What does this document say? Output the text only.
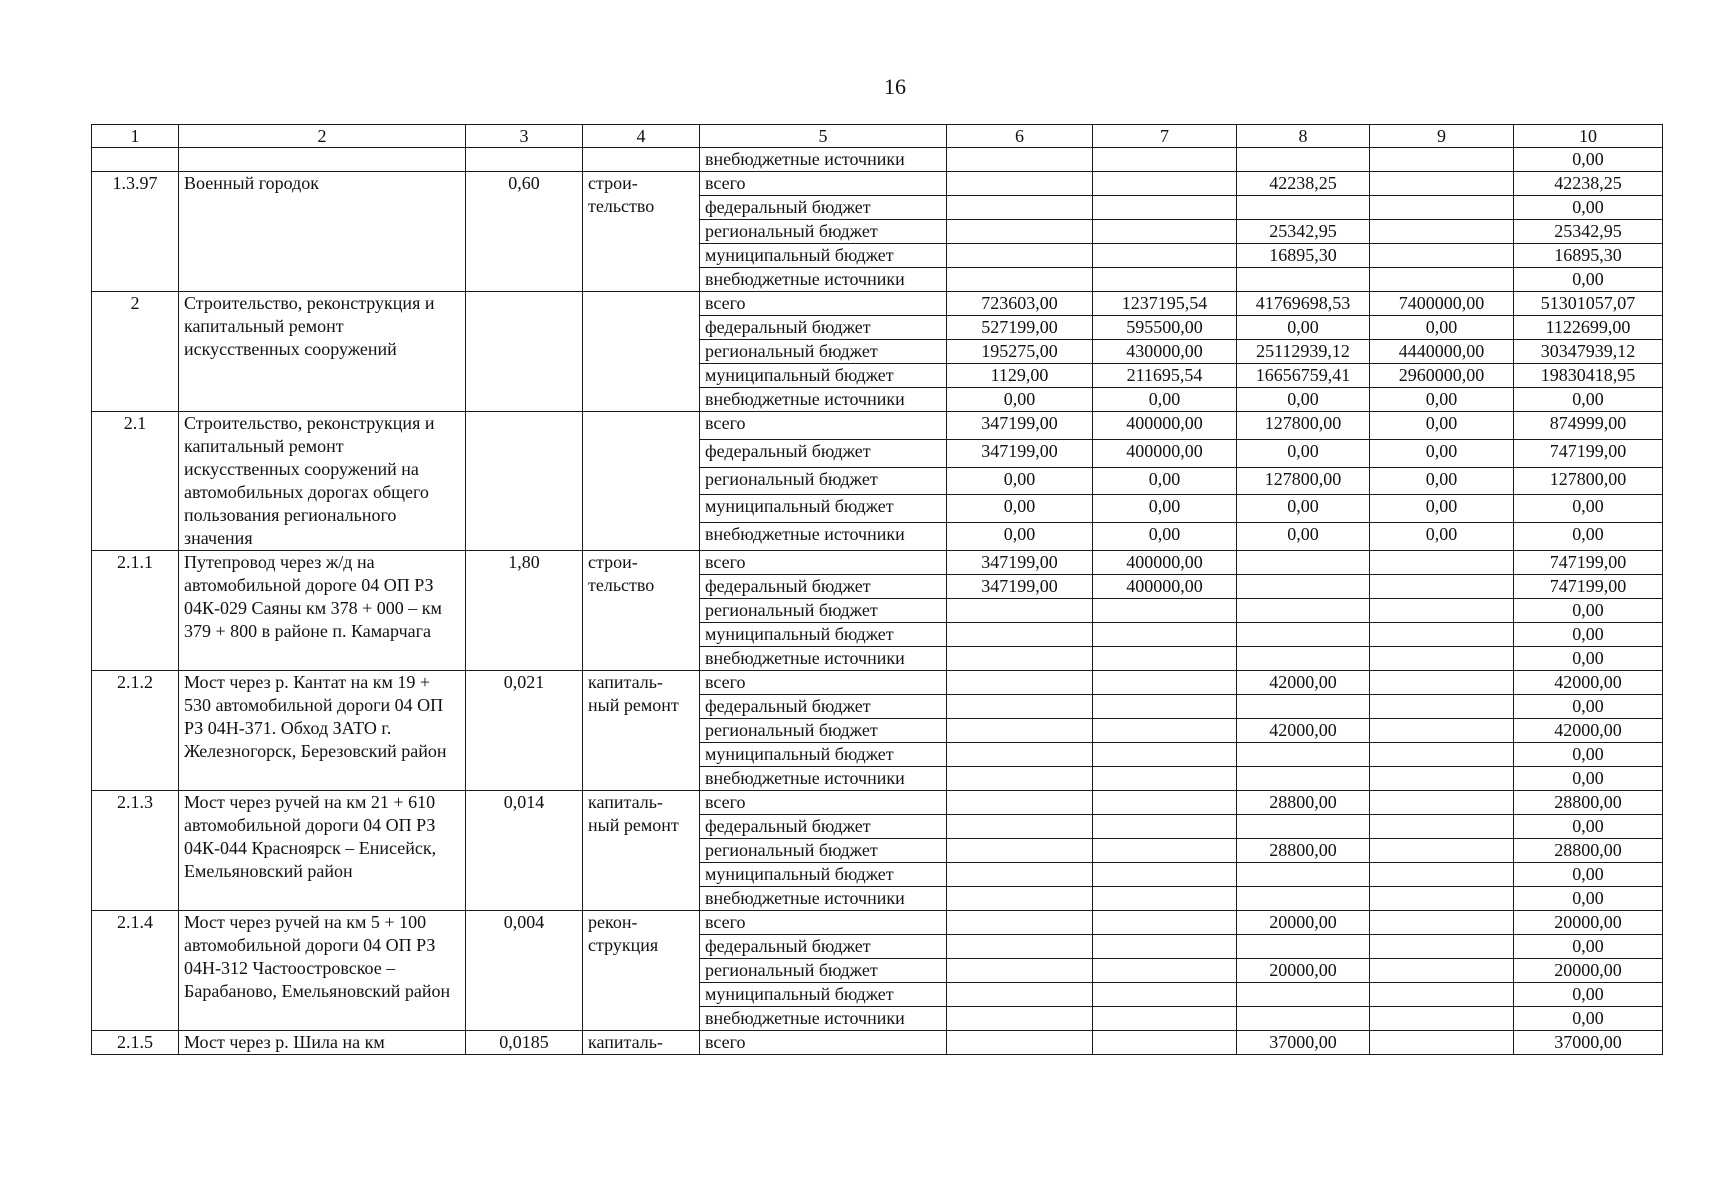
16
1	2	3	4	5	6	7	8	9	10
				внебюджетные источники					0,00
1.3.97	Военный городок	0,60	строи- тельство	всего			42238,25		42238,25
				федеральный бюджет					0,00
				региональный бюджет			25342,95		25342,95
				муниципальный бюджет			16895,30		16895,30
				внебюджетные источники					0,00
2	Строительство, реконструкция и капитальный ремонт искусственных сооружений			всего	723603,00	1237195,54	41769698,53	7400000,00	51301057,07
				федеральный бюджет	527199,00	595500,00	0,00	0,00	1122699,00
				региональный бюджет	195275,00	430000,00	25112939,12	4440000,00	30347939,12
				муниципальный бюджет	1129,00	211695,54	16656759,41	2960000,00	19830418,95
				внебюджетные источники	0,00	0,00	0,00	0,00	0,00
2.1	Строительство, реконструкция и капитальный ремонт искусственных сооружений на автомобильных дорогах общего пользования регионального значения			всего	347199,00	400000,00	127800,00	0,00	874999,00
				федеральный бюджет	347199,00	400000,00	0,00	0,00	747199,00
				региональный бюджет	0,00	0,00	127800,00	0,00	127800,00
				муниципальный бюджет	0,00	0,00	0,00	0,00	0,00
				внебюджетные источники	0,00	0,00	0,00	0,00	0,00
2.1.1	Путепровод через ж/д на автомобильной дороге 04 ОП РЗ 04К-029 Саяны км 378 + 000 – км 379 + 800 в районе п. Камарчага	1,80	строи- тельство	всего	347199,00	400000,00			747199,00
				федеральный бюджет	347199,00	400000,00			747199,00
				региональный бюджет					0,00
				муниципальный бюджет					0,00
				внебюджетные источники					0,00
2.1.2	Мост через р. Кантат на км 19 + 530 автомобильной дороги 04 ОП РЗ 04Н-371. Обход ЗАТО г. Железногорск, Березовский район	0,021	капиталь- ный ремонт	всего			42000,00		42000,00
				федеральный бюджет					0,00
				региональный бюджет			42000,00		42000,00
				муниципальный бюджет					0,00
				внебюджетные источники					0,00
2.1.3	Мост через ручей на км 21 + 610 автомобильной дороги 04 ОП РЗ 04К-044 Красноярск – Енисейск, Емельяновский район	0,014	капиталь- ный ремонт	всего			28800,00		28800,00
				федеральный бюджет					0,00
				региональный бюджет			28800,00		28800,00
				муниципальный бюджет					0,00
				внебюджетные источники					0,00
2.1.4	Мост через ручей на км 5 + 100 автомобильной дороги 04 ОП РЗ 04Н-312 Частоостровское – Барабаново, Емельяновский район	0,004	рекон- струкция	всего			20000,00		20000,00
				федеральный бюджет					0,00
				региональный бюджет			20000,00		20000,00
				муниципальный бюджет					0,00
				внебюджетные источники					0,00
2.1.5	Мост через р. Шила на км	0,0185	капиталь-	всего			37000,00		37000,00
